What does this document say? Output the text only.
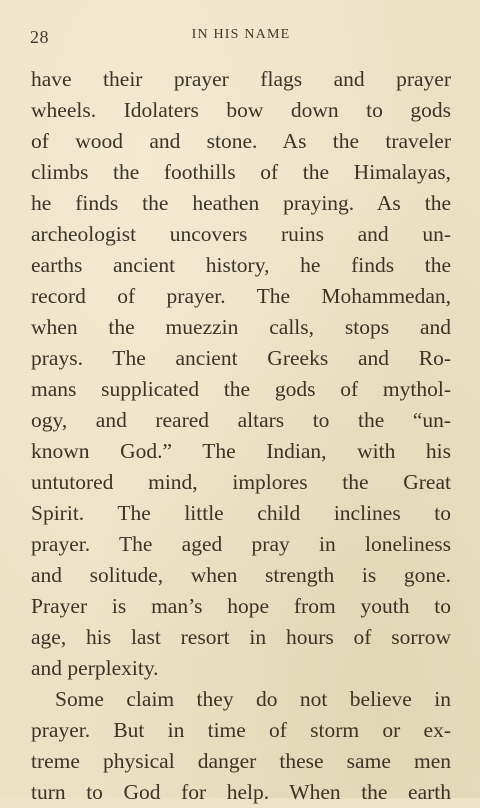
28	IN HIS NAME
have their prayer flags and prayer
wheels. Idolaters bow down to gods
of wood and stone. As the traveler
climbs the foothills of the Himalayas,
he finds the heathen praying. As the
archeologist uncovers ruins and un-
earths ancient history, he finds the
record of prayer. The Mohammedan,
when the muezzin calls, stops and
prays. The ancient Greeks and Ro-
mans supplicated the gods of mythol-
ogy, and reared altars to the “un-
known God.” The Indian, with his
untutored mind, implores the Great
Spirit. The little child inclines to
prayer. The aged pray in loneliness
and solitude, when strength is gone.
Prayer is man’s hope from youth to
age, his last resort in hours of sorrow
and perplexity.
Some claim they do not believe in
prayer. But in time of storm or ex-
treme physical danger these same men
turn to God for help. When the earth
